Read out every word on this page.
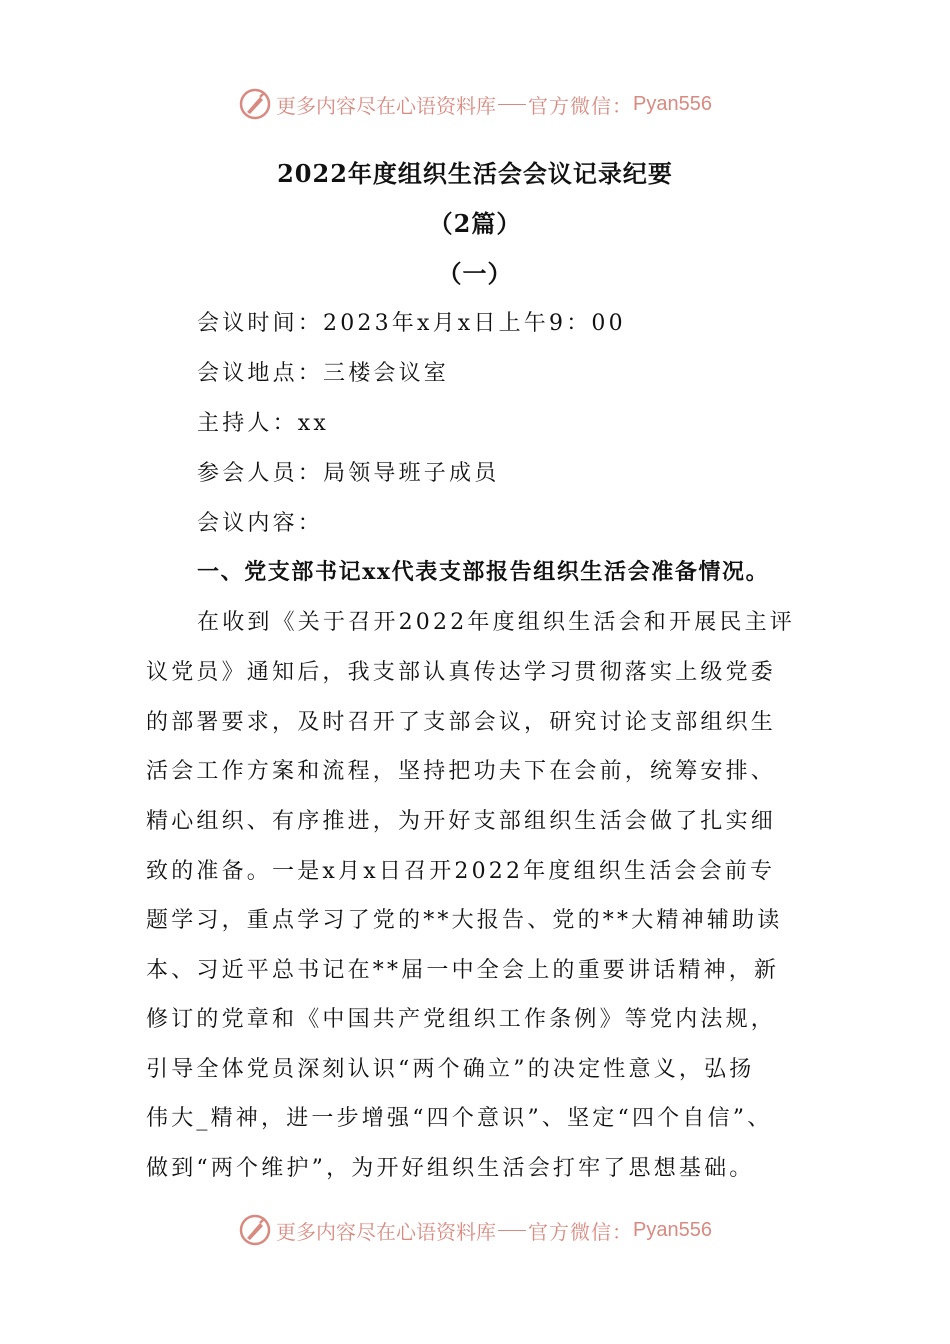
更多内容尽在心语资料库 官方微信： Pyan556
2022年度组织生活会会议记录纪要
（2篇）
（一）
会议时间：2023年x月x日上午9：00
会议地点：三楼会议室
主持人：xx
参会人员：局领导班子成员
会议内容：
一、党支部书记xx代表支部报告组织生活会准备情况。
在收到《关于召开2022年度组织生活会和开展民主评
议党员》通知后，我支部认真传达学习贯彻落实上级党委
的部署要求，及时召开了支部会议，研究讨论支部组织生
活会工作方案和流程，坚持把功夫下在会前，统筹安排、
精心组织、有序推进，为开好支部组织生活会做了扎实细
致的准备。一是x月x日召开2022年度组织生活会会前专
题学习，重点学习了党的**大报告、党的**大精神辅助读
本、习近平总书记在**届一中全会上的重要讲话精神，新
修订的党章和《中国共产党组织工作条例》等党内法规，
引导全体党员深刻认识“两个确立”的决定性意义，弘扬
伟大_精神，进一步增强“四个意识”、坚定“四个自信”、
做到“两个维护”，为开好组织生活会打牢了思想基础。
更多内容尽在心语资料库 官方微信： Pyan556
